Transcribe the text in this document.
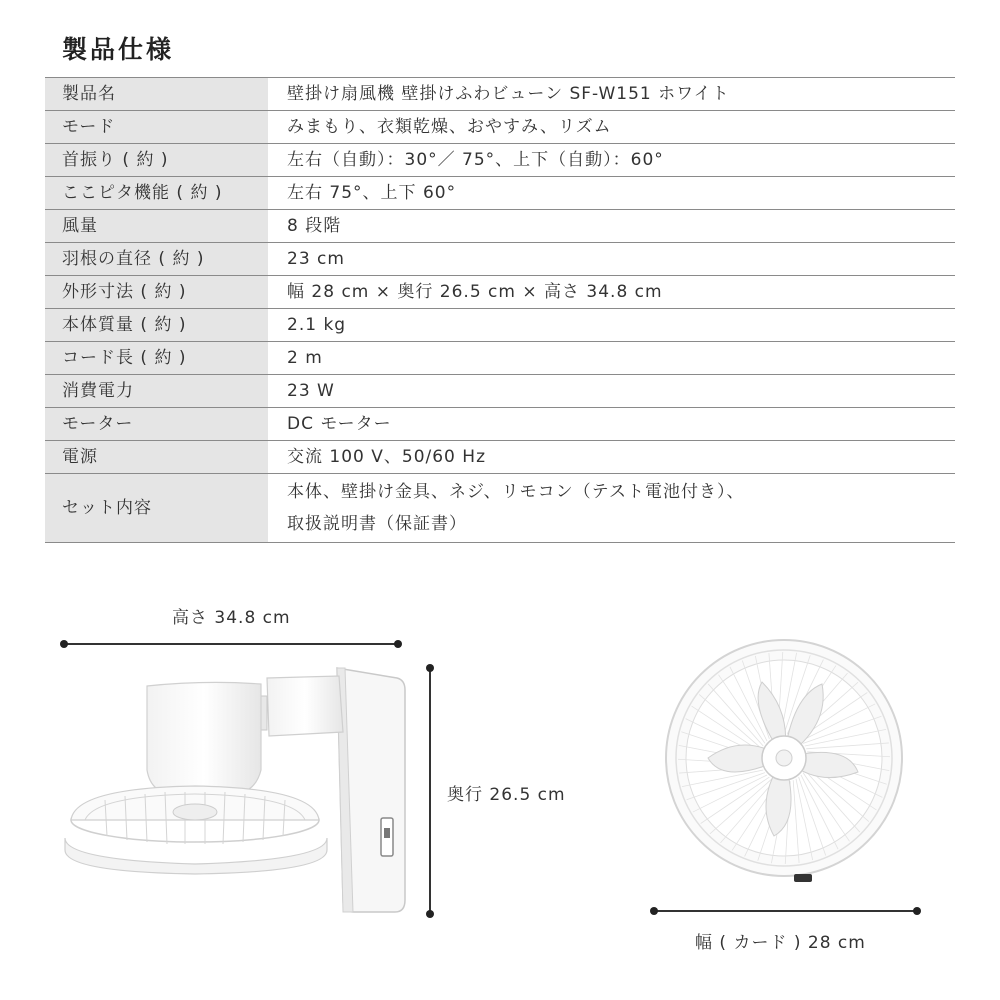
製品仕様
製品名	壁掛け扇風機 壁掛けふわビューン SF-W151 ホワイト
モード	みまもり、衣類乾燥、おやすみ、リズム
首振り ( 約 )	左右（自動）：30°／ 75°、上下（自動）：60°
ここピタ機能 ( 約 )	左右 75°、上下 60°
風量	8 段階
羽根の直径 ( 約 )	23 cm
外形寸法 ( 約 )	幅 28 cm × 奥行 26.5 cm × 高さ 34.8 cm
本体質量 ( 約 )	2.1 kg
コード長 ( 約 )	2 m
消費電力	23 W
モーター	DC モーター
電源	交流 100 V、50/60 Hz
セット内容	本体、壁掛け金具、ネジ、リモコン（テスト電池付き）、
取扱説明書（保証書）
高さ 34.8 cm
奥行 26.5 cm
幅 ( カード ) 28 cm
